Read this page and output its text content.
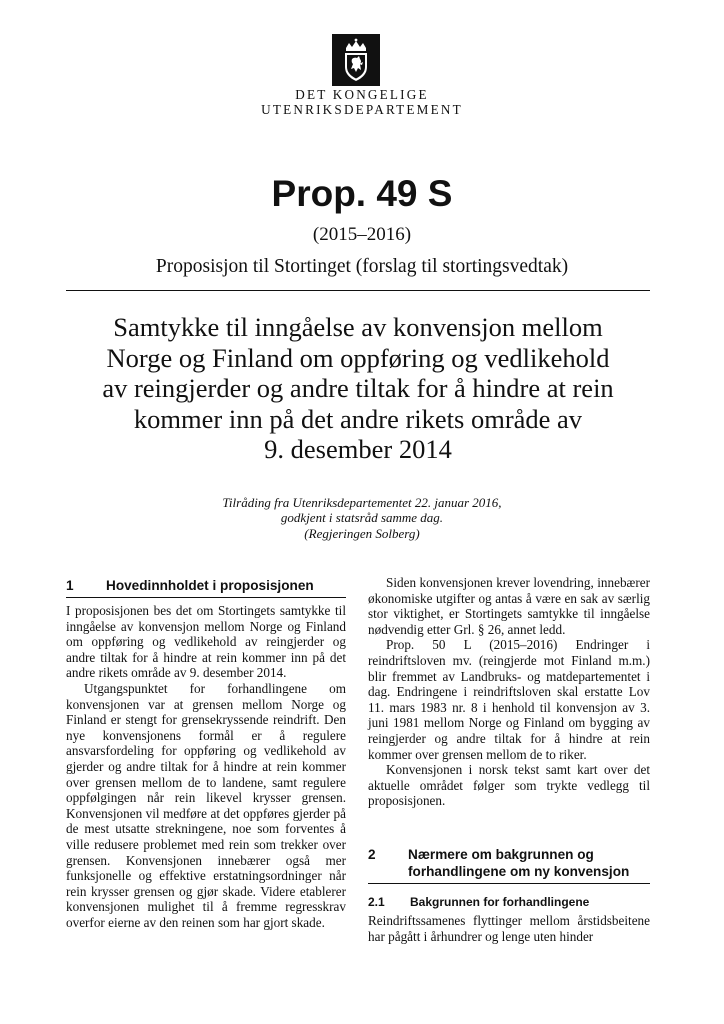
DET KONGELIGE
UTENRIKSDEPARTEMENT
Prop. 49 S
(2015–2016)
Proposisjon til Stortinget (forslag til stortingsvedtak)
Samtykke til inngåelse av konvensjon mellom
Norge og Finland om oppføring og vedlikehold
av reingjerder og andre tiltak for å hindre at rein
kommer inn på det andre rikets område av
9. desember 2014
Tilråding fra Utenriksdepartementet 22. januar 2016,
godkjent i statsråd samme dag.
(Regjeringen Solberg)
1 Hovedinnholdet i proposisjonen

I proposisjonen bes det om Stortingets samtykke til inngåelse av konvensjon mellom Norge og Finland om oppføring og vedlikehold av reingjerder og andre tiltak for å hindre at rein kommer inn på det andre rikets område av 9. desember 2014.

Utgangspunktet for forhandlingene om konvensjonen var at grensen mellom Norge og Finland er stengt for grensekryssende reindrift. Den nye konvensjonens formål er å regulere ansvarsfordeling for oppføring og vedlikehold av gjerder og andre tiltak for å hindre at rein kommer over grensen mellom de to landene, samt regulere oppfølgingen når rein likevel krysser grensen. Konvensjonen vil medføre at det oppføres gjerder på de mest utsatte strekningene, noe som forventes å ville redusere problemet med rein som trekker over grensen. Konvensjonen innebærer også mer funksjonelle og effektive erstatningsordninger når rein krysser grensen og gjør skade. Videre etablerer konvensjonen mulighet til å fremme regresskrav overfor eierne av den reinen som har gjort skade.

Siden konvensjonen krever lovendring, innebærer økonomiske utgifter og antas å være en sak av særlig stor viktighet, er Stortingets samtykke til inngåelse nødvendig etter Grl. § 26, annet ledd.

Prop. 50 L (2015–2016) Endringer i reindriftsloven mv. (reingjerde mot Finland m.m.) blir fremmet av Landbruks- og matdepartementet i dag. Endringene i reindriftsloven skal erstatte Lov 11. mars 1983 nr. 8 i henhold til konvensjon av 3. juni 1981 mellom Norge og Finland om bygging av reingjerder og andre tiltak for å hindre at rein kommer over grensen mellom de to riker.

Konvensjonen i norsk tekst samt kart over det aktuelle området følger som trykte vedlegg til proposisjonen.

2 Nærmere om bakgrunnen og
forhandlingene om ny konvensjon
2.1 Bakgrunnen for forhandlingene

Reindriftssamenes flyttinger mellom årstidsbeitene har pågått i århundrer og lenge uten hinder
